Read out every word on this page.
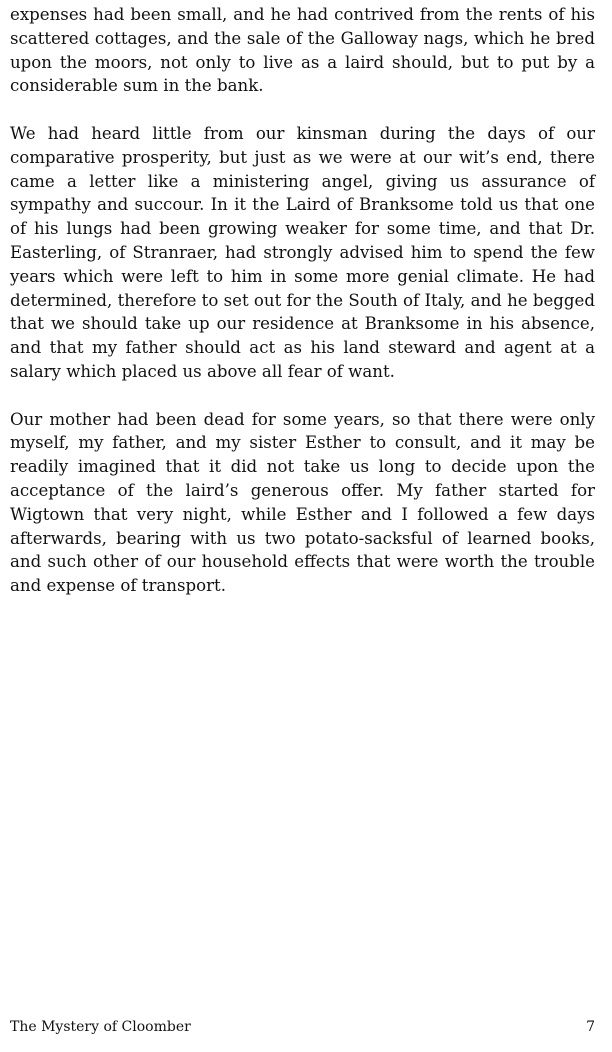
expenses had been small, and he had contrived from the rents of his scattered cottages, and the sale of the Galloway nags, which he bred upon the moors, not only to live as a laird should, but to put by a considerable sum in the bank.

We had heard little from our kinsman during the days of our comparative prosperity, but just as we were at our wit’s end, there came a letter like a ministering angel, giving us assurance of sympathy and succour. In it the Laird of Branksome told us that one of his lungs had been growing weaker for some time, and that Dr. Easterling, of Stranraer, had strongly advised him to spend the few years which were left to him in some more genial climate. He had determined, therefore to set out for the South of Italy, and he begged that we should take up our residence at Branksome in his absence, and that my father should act as his land steward and agent at a salary which placed us above all fear of want.

Our mother had been dead for some years, so that there were only myself, my father, and my sister Esther to consult, and it may be readily imagined that it did not take us long to decide upon the acceptance of the laird’s generous offer. My father started for Wigtown that very night, while Esther and I followed a few days afterwards, bearing with us two potato-sacksful of learned books, and such other of our household effects that were worth the trouble and expense of transport.

The Mystery of Cloomber	7
